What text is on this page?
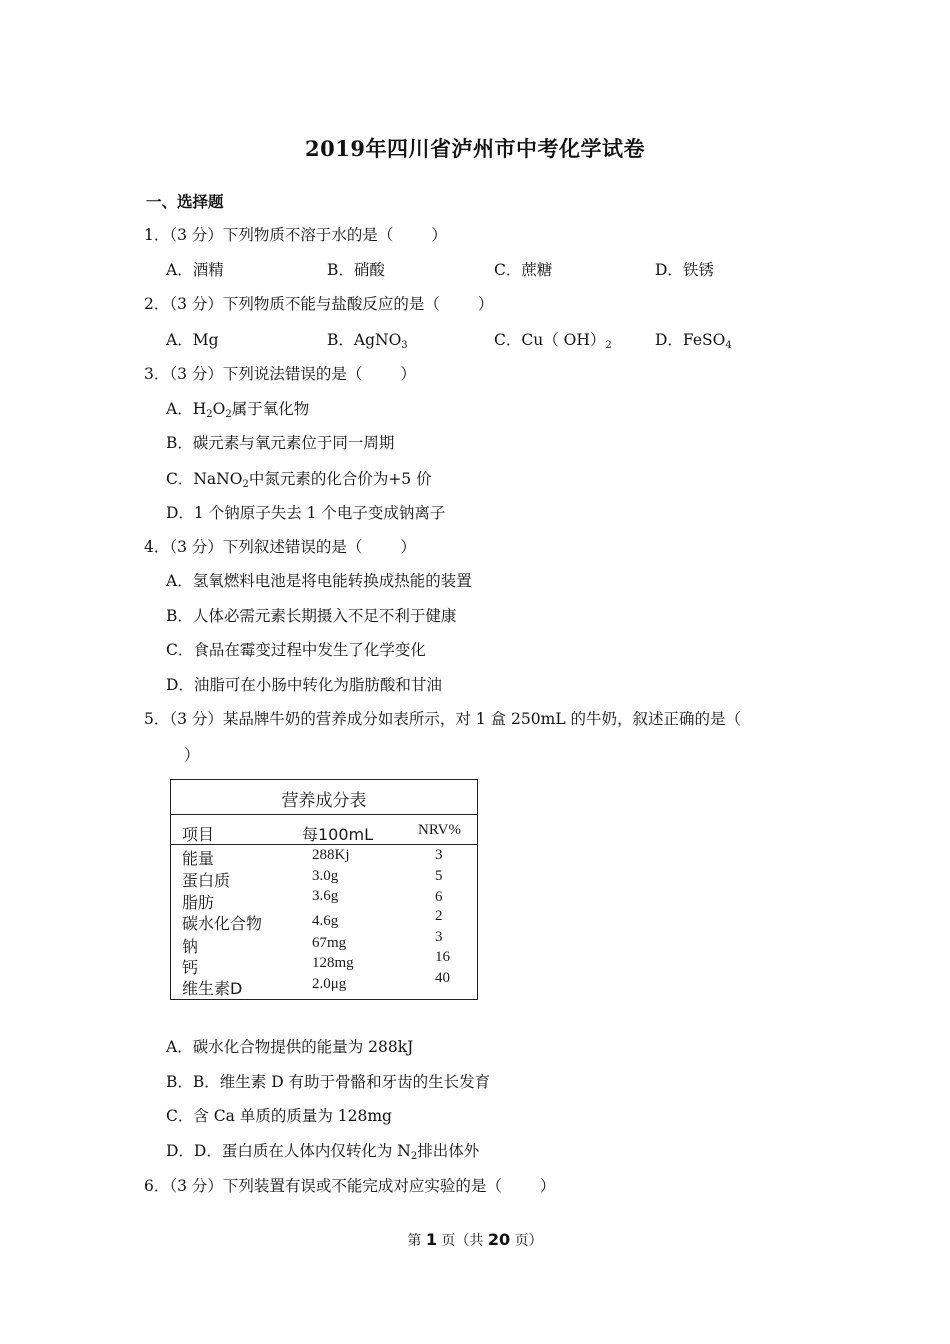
2019年四川省泸州市中考化学试卷
一、选择题
1．（3 分）下列物质不溶于水的是（ ）
A．酒精	B．硝酸	C．蔗糖	D．铁锈
2．（3 分）下列物质不能与盐酸反应的是（ ）
A．Mg	B．AgNO$_3$	C．Cu（ $OH)_2$	D．FeSO$_4$
3．（3 分）下列说法错误的是（ ）
A．$H_2O_2$属于氧化物
B．碳元素与氧元素位于同一周期
C．NaNO$_2$中氮元素的化合价为+5 价
D．1 个钠原子失去 1 个电子变成钠离子
4．（3 分）下列叙述错误的是（ ）
A．氢氧燃料电池是将电能转换成热能的装置
B．人体必需元素长期摄入不足不利于健康
C．食品在霉变过程中发生了化学变化
D．油脂可在小肠中转化为脂肪酸和甘油
5．（3 分）某品牌牛奶的营养成分如表所示，对 1 盒 250mL 的牛奶，叙述正确的是（
）
营养成分表
项目	每100mL	NRV%
能量	288Kj	3
蛋白质	3.0g	5
脂肪	3.6g	6
碳水化合物	4.6g	2
钠	67mg	3
钙	128mg	16
维生素D	2.0μg	40
A．碳水化合物提供的能量为 288kJ
B．B．维生素 D 有助于骨骼和牙齿的生长发育
C．含 Ca 单质的质量为 128mg
D．D．蛋白质在人体内仅转化为 $N_2$排出体外
6．（3 分）下列装置有误或不能完成对应实验的是（ ）
第 1 页（共 20 页）
